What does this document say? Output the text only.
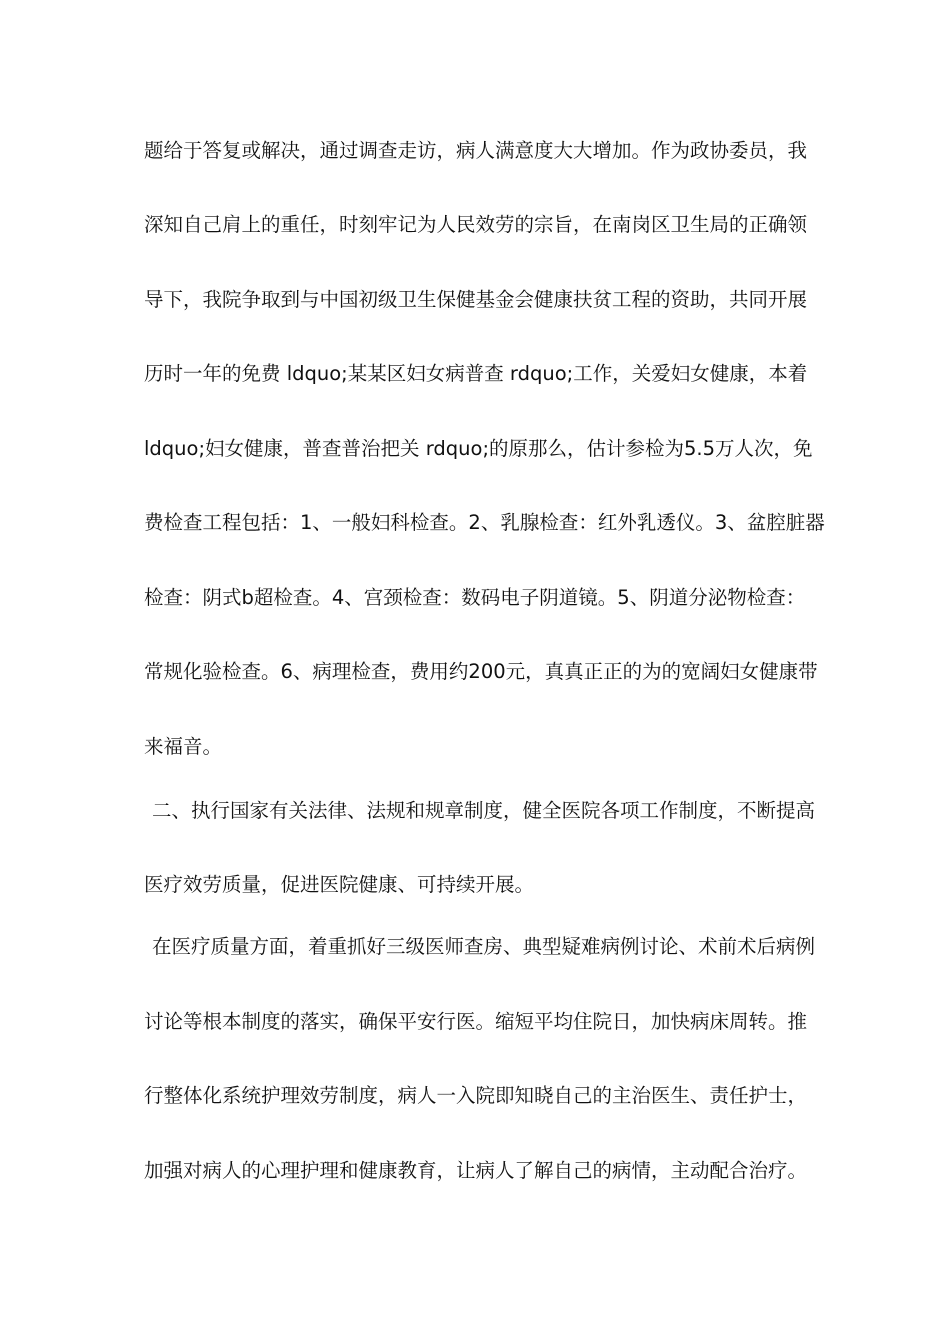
题给于答复或解决，通过调查走访，病人满意度大大增加。作为政协委员，我
深知自己肩上的重任，时刻牢记为人民效劳的宗旨，在南岗区卫生局的正确领
导下，我院争取到与中国初级卫生保健基金会健康扶贫工程的资助，共同开展
历时一年的免费 ldquo;某某区妇女病普查 rdquo;工作，关爱妇女健康，本着
ldquo;妇女健康，普查普治把关 rdquo;的原那么，估计参检为5.5万人次，免
费检查工程包括：1、一般妇科检查。2、乳腺检查：红外乳透仪。3、盆腔脏器
检查：阴式b超检查。4、宫颈检查：数码电子阴道镜。5、阴道分泌物检查：
常规化验检查。6、病理检查，费用约200元，真真正正的为的宽阔妇女健康带
来福音。
二、执行国家有关法律、法规和规章制度，健全医院各项工作制度，不断提高
医疗效劳质量，促进医院健康、可持续开展。
在医疗质量方面，着重抓好三级医师查房、典型疑难病例讨论、术前术后病例
讨论等根本制度的落实，确保平安行医。缩短平均住院日，加快病床周转。推
行整体化系统护理效劳制度，病人一入院即知晓自己的主治医生、责任护士，
加强对病人的心理护理和健康教育，让病人了解自己的病情，主动配合治疗。
